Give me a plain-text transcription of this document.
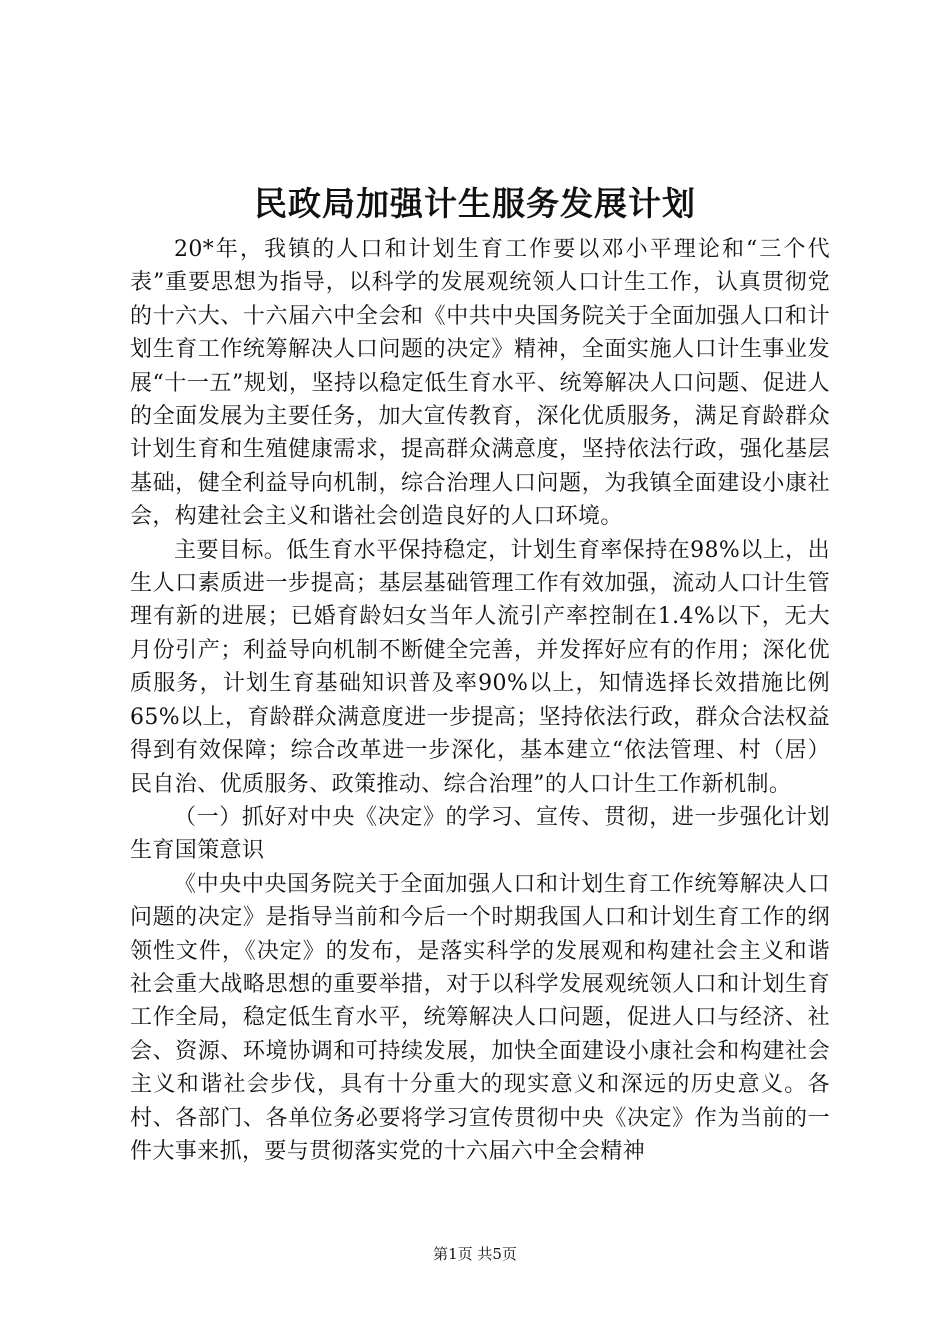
民政局加强计生服务发展计划

20*年，我镇的人口和计划生育工作要以邓小平理论和“三个代表”重要思想为指导，以科学的发展观统领人口计生工作，认真贯彻党的十六大、十六届六中全会和《中共中央国务院关于全面加强人口和计划生育工作统筹解决人口问题的决定》精神，全面实施人口计生事业发展“十一五”规划，坚持以稳定低生育水平、统筹解决人口问题、促进人的全面发展为主要任务，加大宣传教育，深化优质服务，满足育龄群众计划生育和生殖健康需求，提高群众满意度，坚持依法行政，强化基层基础，健全利益导向机制，综合治理人口问题，为我镇全面建设小康社会，构建社会主义和谐社会创造良好的人口环境。

主要目标。低生育水平保持稳定，计划生育率保持在98%以上，出生人口素质进一步提高；基层基础管理工作有效加强，流动人口计生管理有新的进展；已婚育龄妇女当年人流引产率控制在1.4%以下，无大月份引产；利益导向机制不断健全完善，并发挥好应有的作用；深化优质服务，计划生育基础知识普及率90%以上，知情选择长效措施比例65%以上，育龄群众满意度进一步提高；坚持依法行政，群众合法权益得到有效保障；综合改革进一步深化，基本建立“依法管理、村（居）民自治、优质服务、政策推动、综合治理”的人口计生工作新机制。

（一）抓好对中央《决定》的学习、宣传、贯彻，进一步强化计划生育国策意识

《中央中央国务院关于全面加强人口和计划生育工作统筹解决人口问题的决定》是指导当前和今后一个时期我国人口和计划生育工作的纲领性文件，《决定》的发布，是落实科学的发展观和构建社会主义和谐社会重大战略思想的重要举措，对于以科学发展观统领人口和计划生育工作全局，稳定低生育水平，统筹解决人口问题，促进人口与经济、社会、资源、环境协调和可持续发展，加快全面建设小康社会和构建社会主义和谐社会步伐，具有十分重大的现实意义和深远的历史意义。各村、各部门、各单位务必要将学习宣传贯彻中央《决定》作为当前的一件大事来抓，要与贯彻落实党的十六届六中全会精神

第1页 共5页
